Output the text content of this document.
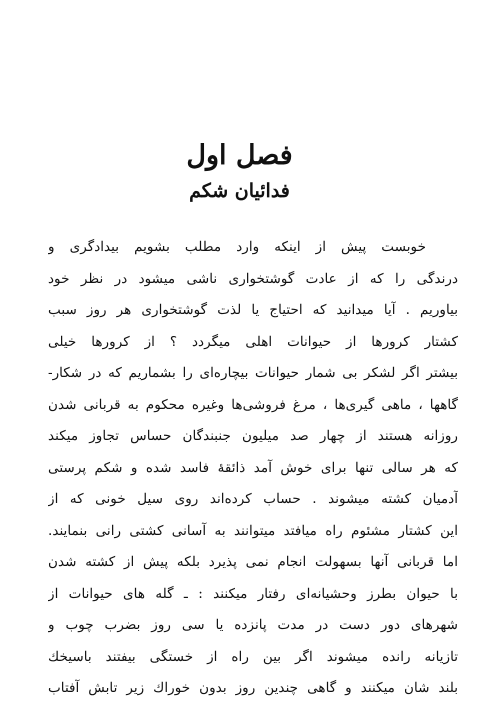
فصل اول
فدائیان شکم
خوبست پیش از اینکه وارد مطلب بشویم بیدادگری و
درندگی را که از عادت گوشتخواری ناشی میشود در نظر خود
بیاوریم . آیا میدانید که احتیاج یا لذت گوشتخواری هر روز سبب
کشتار کرورها از حیوانات اهلی میگردد ؟ از کرورها خیلی
بیشتر اگر لشکر بی شمار حیوانات بیچاره‌ای را بشماریم که در شکار-
گاهها ، ماهی گیری‌ها ، مرغ فروشی‌ها وغیره محکوم به قربانی شدن
روزانه هستند از چهار صد میلیون جنبندگان حساس تجاوز میکند
که هر سالی تنها برای خوش آمد ذائقهٔ فاسد شده و شکم پرستی
آدمیان کشته میشوند . حساب کرده‌اند روی سیل خونی که از
این کشتار مشئوم راه میافتد میتوانند به آسانی کشتی رانی بنمایند.
اما قربانی آنها بسهولت انجام نمی پذیرد بلکه پیش از کشته شدن
با حیوان بطرز وحشیانه‌ای رفتار میکنند : ـ گله های حیوانات از
شهرهای دور دست در مدت پانزده یا سی روز بضرب چوب و
تازیانه رانده میشوند اگر بین راه از خستگی بیفتند باسیخك
بلند شان میکنند و گاهی چندین روز بدون خوراك زیر تابش آفتاب
